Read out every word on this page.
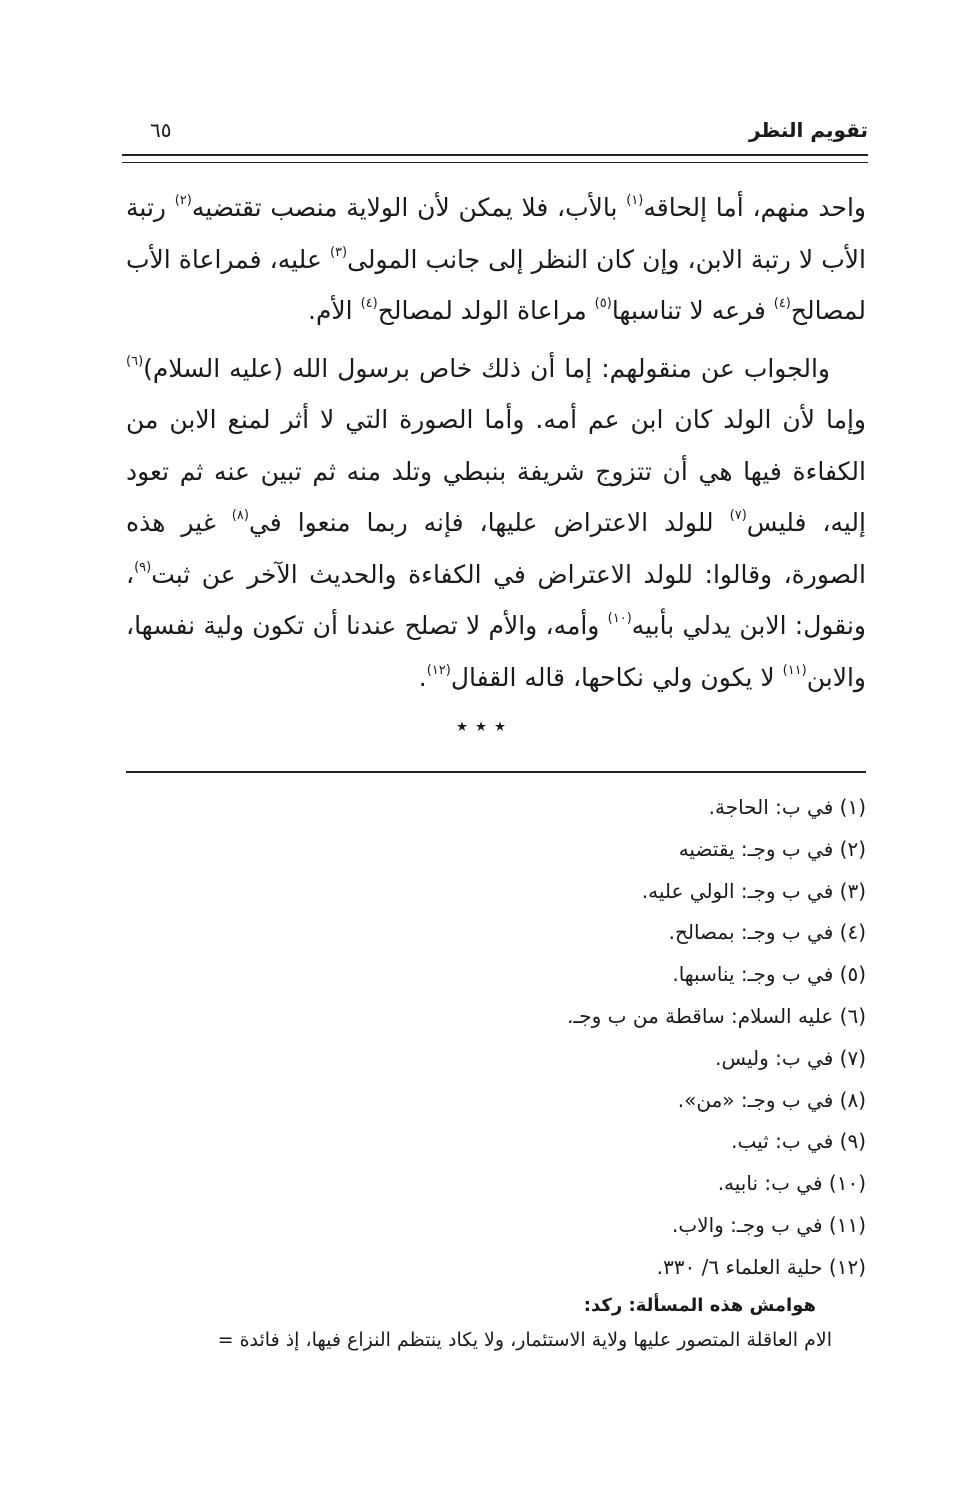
تقويم النظر
٦٥

واحد منهم، أما إلحاقه$^{(١)}$ بالأب، فلا يمكن لأن الولاية منصب تقتضيه$^{(٢)}$ رتبة الأب لا رتبة الابن، وإن كان النظر إلى جانب المولى$^{(٣)}$ عليه، فمراعاة الأب لمصالح$^{(٤)}$ فرعه لا تناسبها$^{(٥)}$ مراعاة الولد لمصالح$^{(٤)}$ الأم.

والجواب عن منقولهم: إما أن ذلك خاص برسول الله (عليه السلام)$^{(٦)}$ وإما لأن الولد كان ابن عم أمه. وأما الصورة التي لا أثر لمنع الابن من الكفاءة فيها هي أن تتزوج شريفة بنبطي وتلد منه ثم تبين عنه ثم تعود إليه، فليس$^{(٧)}$ للولد الاعتراض عليها، فإنه ربما منعوا في$^{(٨)}$ غير هذه الصورة، وقالوا: للولد الاعتراض في الكفاءة والحديث الآخر عن ثبت$^{(٩)}$، ونقول: الابن يدلي بأبيه$^{(١٠)}$ وأمه، والأم لا تصلح عندنا أن تكون ولية نفسها، والابن$^{(١١)}$ لا يكون ولي نكاحها، قاله القفال$^{(١٢)}$.

٭ ٭ ٭
(١) في ب: الحاجة.
(٢) في ب وجـ: يقتضيه
(٣) في ب وجـ: الولي عليه.
(٤) في ب وجـ: بمصالح.
(٥) في ب وجـ: يناسبها.
(٦) عليه السلام: ساقطة من ب وجـ.
(٧) في ب: وليس.
(٨) في ب وجـ: «من».
(٩) في ب: ثيب.
(١٠) في ب: نابيه.
(١١) في ب وجـ: والاب.
(١٢) حلية العلماء ٦/ ٣٣٠.
هوامش هذه المسألة: ركد:
الام العاقلة المتصور عليها ولاية الاستئمار، ولا يكاد ينتظم النزاع فيها، إذ فائدة =
